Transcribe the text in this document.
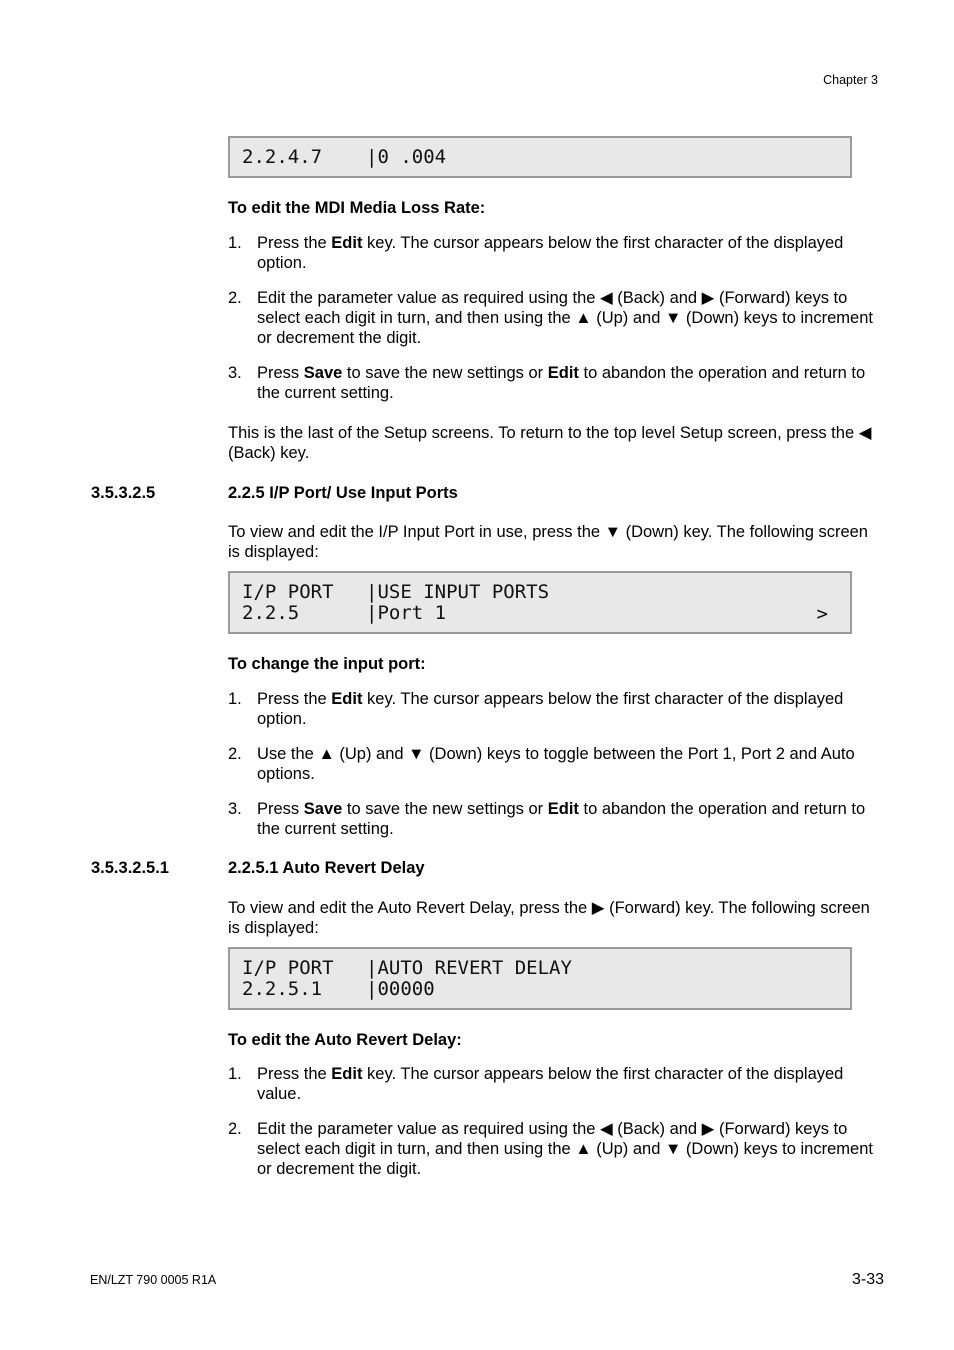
Chapter 3
2.2.4.7 |0 .004
To edit the MDI Media Loss Rate:
1. Press the Edit key. The cursor appears below the first character of the displayed option.
2. Edit the parameter value as required using the ◀ (Back) and ▶ (Forward) keys to select each digit in turn, and then using the ▲ (Up) and ▼ (Down) keys to increment or decrement the digit.
3. Press Save to save the new settings or Edit to abandon the operation and return to the current setting.
This is the last of the Setup screens. To return to the top level Setup screen, press the ◀ (Back) key.
3.5.3.2.5	2.2.5 I/P Port/ Use Input Ports
To view and edit the I/P Input Port in use, press the ▼ (Down) key. The following screen is displayed:
I/P PORT |USE INPUT PORTS
2.2.5	|Port 1	>
To change the input port:
1. Press the Edit key. The cursor appears below the first character of the displayed option.
2. Use the ▲ (Up) and ▼ (Down) keys to toggle between the Port 1, Port 2 and Auto options.
3. Press Save to save the new settings or Edit to abandon the operation and return to the current setting.
3.5.3.2.5.1	2.2.5.1 Auto Revert Delay
To view and edit the Auto Revert Delay, press the ▶ (Forward) key. The following screen is displayed:
I/P PORT |AUTO REVERT DELAY
2.2.5.1 |00000
To edit the Auto Revert Delay:
1. Press the Edit key. The cursor appears below the first character of the displayed value.
2. Edit the parameter value as required using the ◀ (Back) and ▶ (Forward) keys to select each digit in turn, and then using the ▲ (Up) and ▼ (Down) keys to increment or decrement the digit.
EN/LZT 790 0005 R1A	3-33
